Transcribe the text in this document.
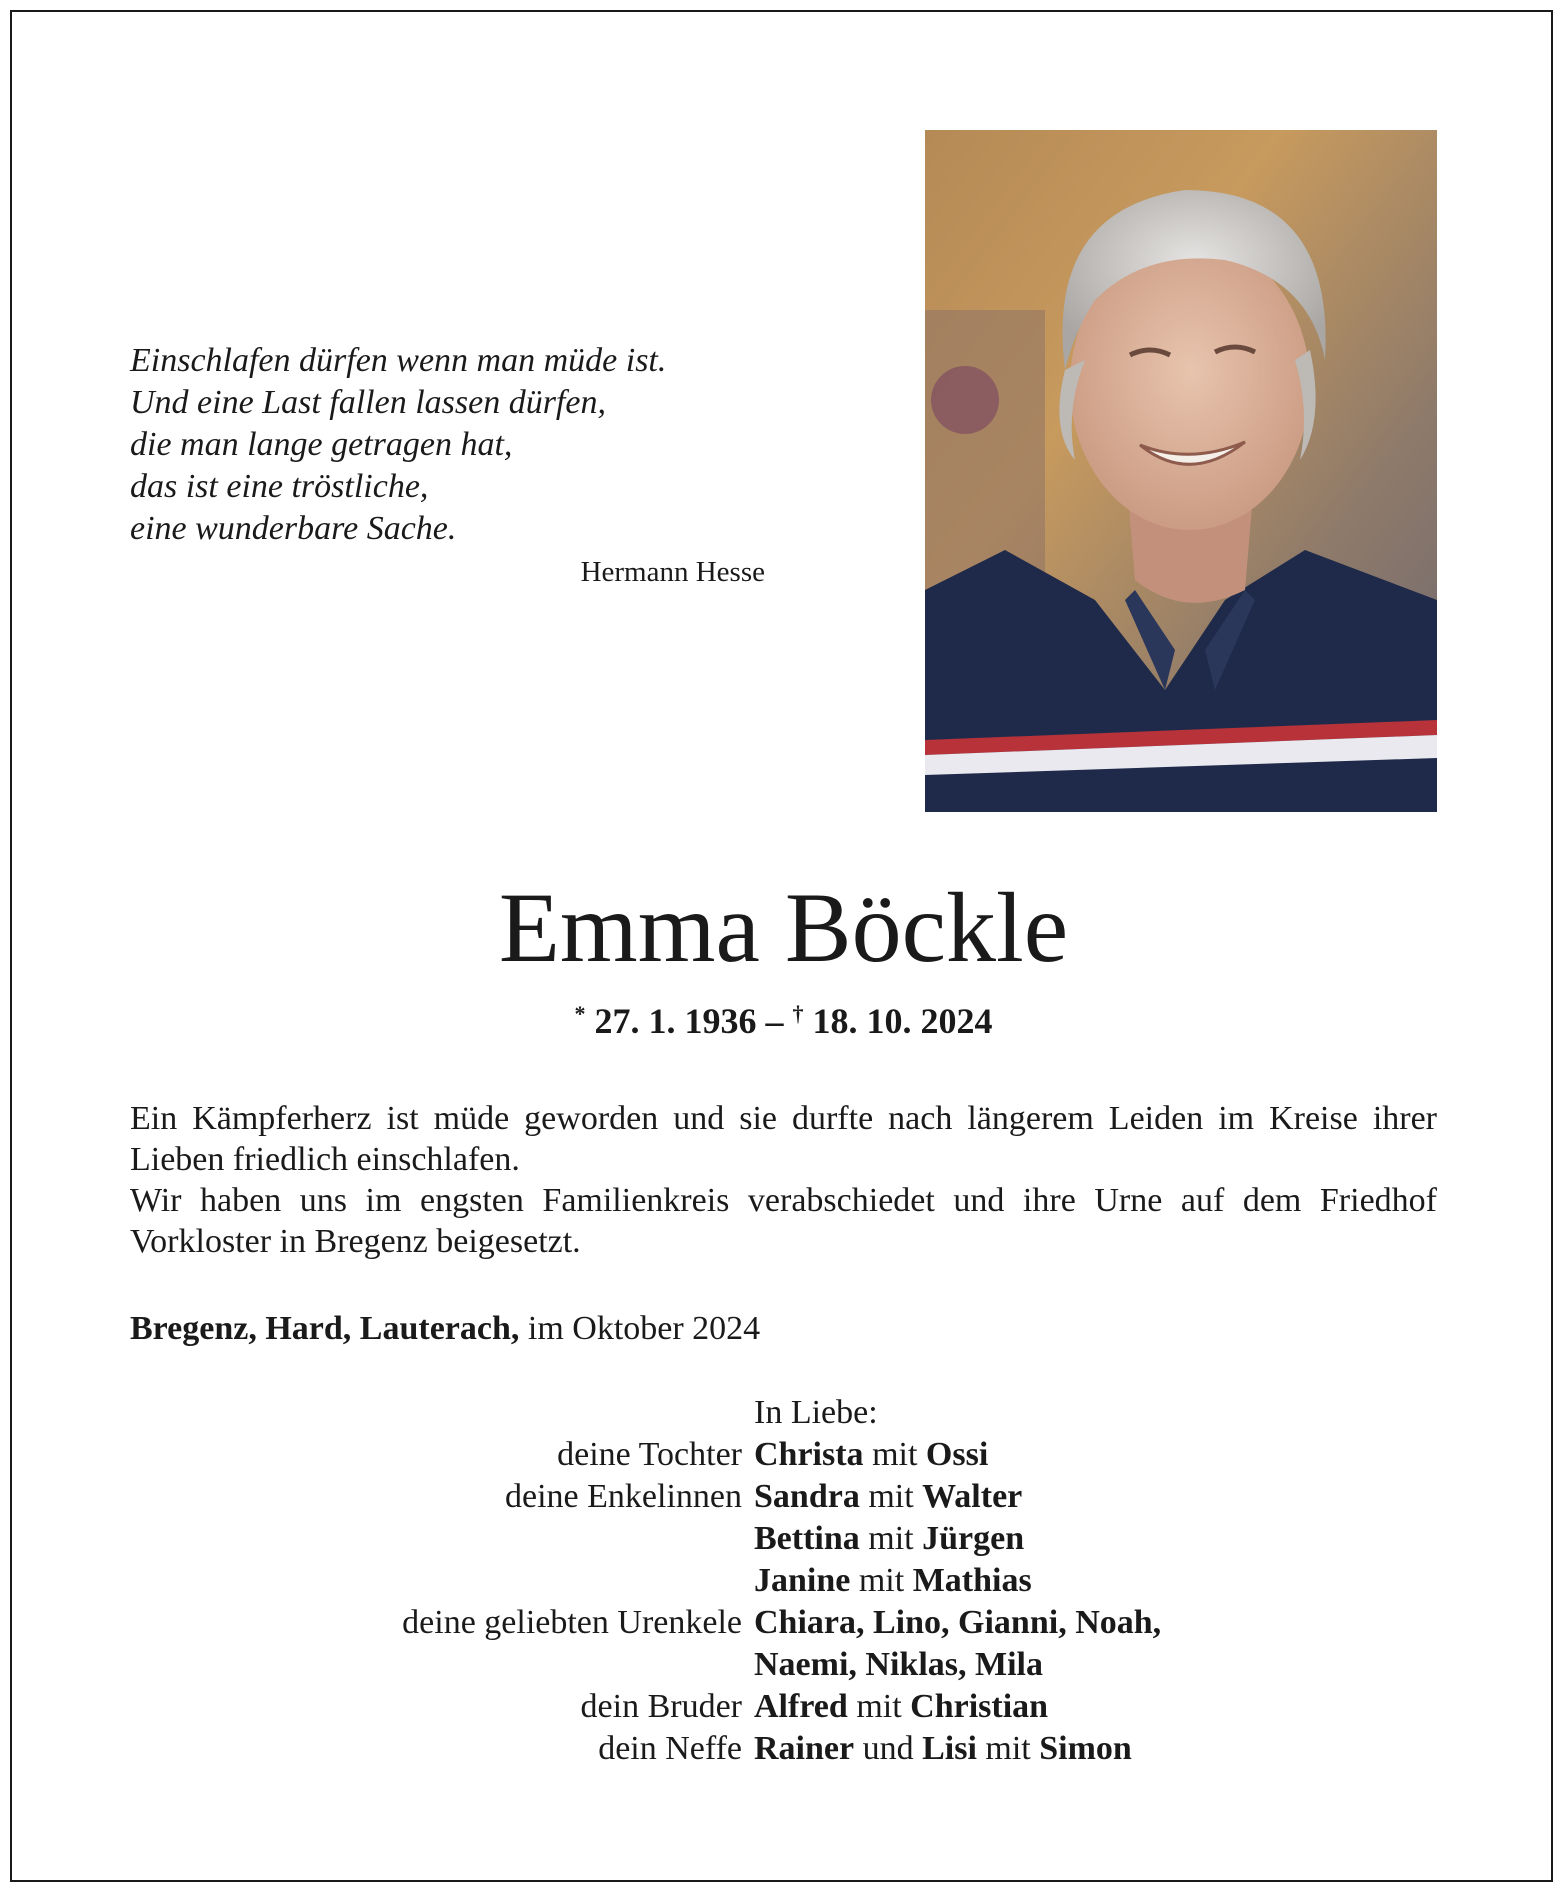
Einschlafen dürfen wenn man müde ist.
Und eine Last fallen lassen dürfen,
die man lange getragen hat,
das ist eine tröstliche,
eine wunderbare Sache.
Hermann Hesse
Emma Böckle
* 27. 1. 1936 – † 18. 10. 2024

Ein Kämpferherz ist müde geworden und sie durfte nach längerem Leiden im Kreise ihrer Lieben friedlich einschlafen.

Wir haben uns im engsten Familienkreis verabschiedet und ihre Urne auf dem Friedhof Vorkloster in Bregenz beigesetzt.

Bregenz, Hard, Lauterach, im Oktober 2024
In Liebe:
deine Tochter Christa mit Ossi
deine Enkelinnen Sandra mit Walter
Bettina mit Jürgen
Janine mit Mathias
deine geliebten Urenkele Chiara, Lino, Gianni, Noah,
Naemi, Niklas, Mila
dein Bruder Alfred mit Christian
dein Neffe Rainer und Lisi mit Simon
